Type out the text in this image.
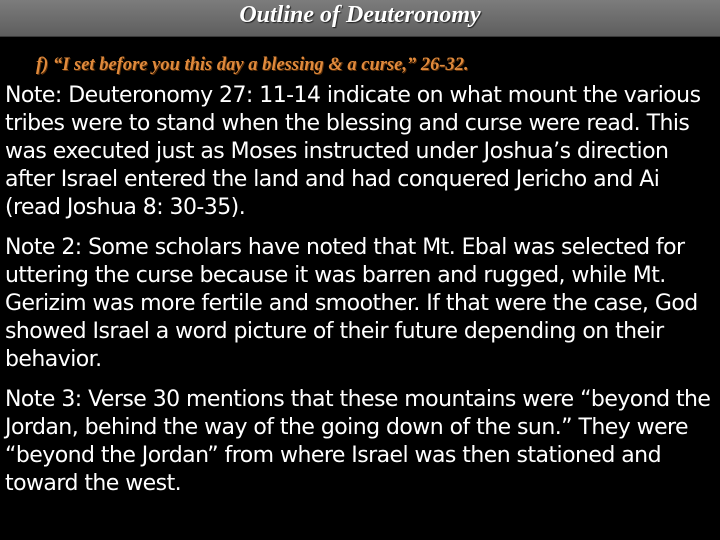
Outline of Deuteronomy
f) “I set before you this day a blessing & a curse,” 26-32.

Note: Deuteronomy 27: 11-14 indicate on what mount the various tribes were to stand when the blessing and curse were read. This was executed just as Moses instructed under Joshua’s direction after Israel entered the land and had conquered Jericho and Ai (read Joshua 8: 30-35).

Note 2: Some scholars have noted that Mt. Ebal was selected for uttering the curse because it was barren and rugged, while Mt. Gerizim was more fertile and smoother. If that were the case, God showed Israel a word picture of their future depending on their behavior.

Note 3: Verse 30 mentions that these mountains were “beyond the Jordan, behind the way of the going down of the sun.” They were “beyond the Jordan” from where Israel was then stationed and toward the west.
